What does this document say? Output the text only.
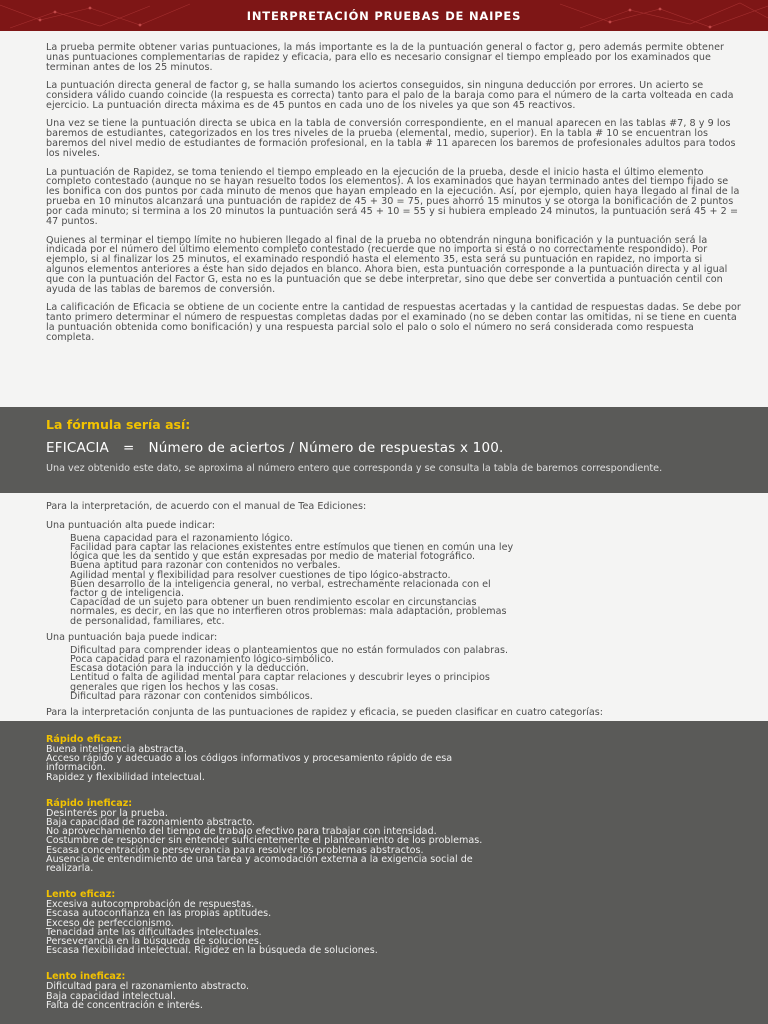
INTERPRETACIÓN PRUEBAS DE NAIPES

La prueba permite obtener varias puntuaciones, la más importante es la de la puntuación general o factor g, pero además permite obtener unas puntuaciones complementarias de rapidez y eficacia, para ello es necesario consignar el tiempo empleado por los examinados que terminan antes de los 25 minutos.

La puntuación directa general de factor g, se halla sumando los aciertos conseguidos, sin ninguna deducción por errores. Un acierto se considera válido cuando coincide (la respuesta es correcta) tanto para el palo de la baraja como para el número de la carta volteada en cada ejercicio. La puntuación directa máxima es de 45 puntos en cada uno de los niveles ya que son 45 reactivos.

Una vez se tiene la puntuación directa se ubica en la tabla de conversión correspondiente, en el manual aparecen en las tablas #7, 8 y 9 los baremos de estudiantes, categorizados en los tres niveles de la prueba (elemental, medio, superior). En la tabla # 10 se encuentran los baremos del nivel medio de estudiantes de formación profesional, en la tabla # 11 aparecen los baremos de profesionales adultos para todos los niveles.

La puntuación de Rapidez, se toma teniendo el tiempo empleado en la ejecución de la prueba, desde el inicio hasta el último elemento completo contestado (aunque no se hayan resuelto todos los elementos). A los examinados que hayan terminado antes del tiempo fijado se les bonifica con dos puntos por cada minuto de menos que hayan empleado en la ejecución. Así, por ejemplo, quien haya llegado al final de la prueba en 10 minutos alcanzará una puntuación de rapidez de 45 + 30 = 75, pues ahorró 15 minutos y se otorga la bonificación de 2 puntos por cada minuto; si termina a los 20 minutos la puntuación será 45 + 10 = 55 y si hubiera empleado 24 minutos, la puntuación será 45 + 2 = 47 puntos.

Quienes al terminar el tiempo límite no hubieren llegado al final de la prueba no obtendrán ninguna bonificación y la puntuación será la indicada por el número del último elemento completo contestado (recuerde que no importa si está o no correctamente respondido). Por ejemplo, si al finalizar los 25 minutos, el examinado respondió hasta el elemento 35, esta será su puntuación en rapidez, no importa si algunos elementos anteriores a éste han sido dejados en blanco. Ahora bien, esta puntuación corresponde a la puntuación directa y al igual que con la puntuación del Factor G, esta no es la puntuación que se debe interpretar, sino que debe ser convertida a puntuación centil con ayuda de las tablas de baremos de conversión.

La calificación de Eficacia se obtiene de un cociente entre la cantidad de respuestas acertadas y la cantidad de respuestas dadas. Se debe por tanto primero determinar el número de respuestas completas dadas por el examinado (no se deben contar las omitidas, ni se tiene en cuenta la puntuación obtenida como bonificación) y una respuesta parcial solo el palo o solo el número no será considerada como respuesta completa.

La fórmula sería así:
EFICACIA = Número de aciertos / Número de respuestas x 100.
Una vez obtenido este dato, se aproxima al número entero que corresponda y se consulta la tabla de baremos correspondiente.

Para la interpretación, de acuerdo con el manual de Tea Ediciones:

Una puntuación alta puede indicar:

Buena capacidad para el razonamiento lógico.
Facilidad para captar las relaciones existentes entre estímulos que tienen en común una ley
lógica que les da sentido y que están expresadas por medio de material fotográfico.
Buena aptitud para razonar con contenidos no verbales.
Agilidad mental y flexibilidad para resolver cuestiones de tipo lógico-abstracto.
Buen desarrollo de la inteligencia general, no verbal, estrechamente relacionada con el
factor g de inteligencia.
Capacidad de un sujeto para obtener un buen rendimiento escolar en circunstancias
normales, es decir, en las que no interfieren otros problemas: mala adaptación, problemas
de personalidad, familiares, etc.

Una puntuación baja puede indicar:

Dificultad para comprender ideas o planteamientos que no están formulados con palabras.
Poca capacidad para el razonamiento lógico-simbólico.
Escasa dotación para la inducción y la deducción.
Lentitud o falta de agilidad mental para captar relaciones y descubrir leyes o principios
generales que rigen los hechos y las cosas.
Dificultad para razonar con contenidos simbólicos.

Para la interpretación conjunta de las puntuaciones de rapidez y eficacia, se pueden clasificar en cuatro categorías:

Rápido eficaz:
Buena inteligencia abstracta.
Acceso rápido y adecuado a los códigos informativos y procesamiento rápido de esa
información.
Rapidez y flexibilidad intelectual.
Rápido ineficaz:
Desinterés por la prueba.
Baja capacidad de razonamiento abstracto.
No aprovechamiento del tiempo de trabajo efectivo para trabajar con intensidad.
Costumbre de responder sin entender suficientemente el planteamiento de los problemas.
Escasa concentración o perseverancia para resolver los problemas abstractos.
Ausencia de entendimiento de una tarea y acomodación externa a la exigencia social de
realizarla.
Lento eficaz:
Excesiva autocomprobación de respuestas.
Escasa autoconfianza en las propias aptitudes.
Exceso de perfeccionismo.
Tenacidad ante las dificultades intelectuales.
Perseverancia en la búsqueda de soluciones.
Escasa flexibilidad intelectual. Rigidez en la búsqueda de soluciones.
Lento ineficaz:
Dificultad para el razonamiento abstracto.
Baja capacidad intelectual.
Falta de concentración e interés.
